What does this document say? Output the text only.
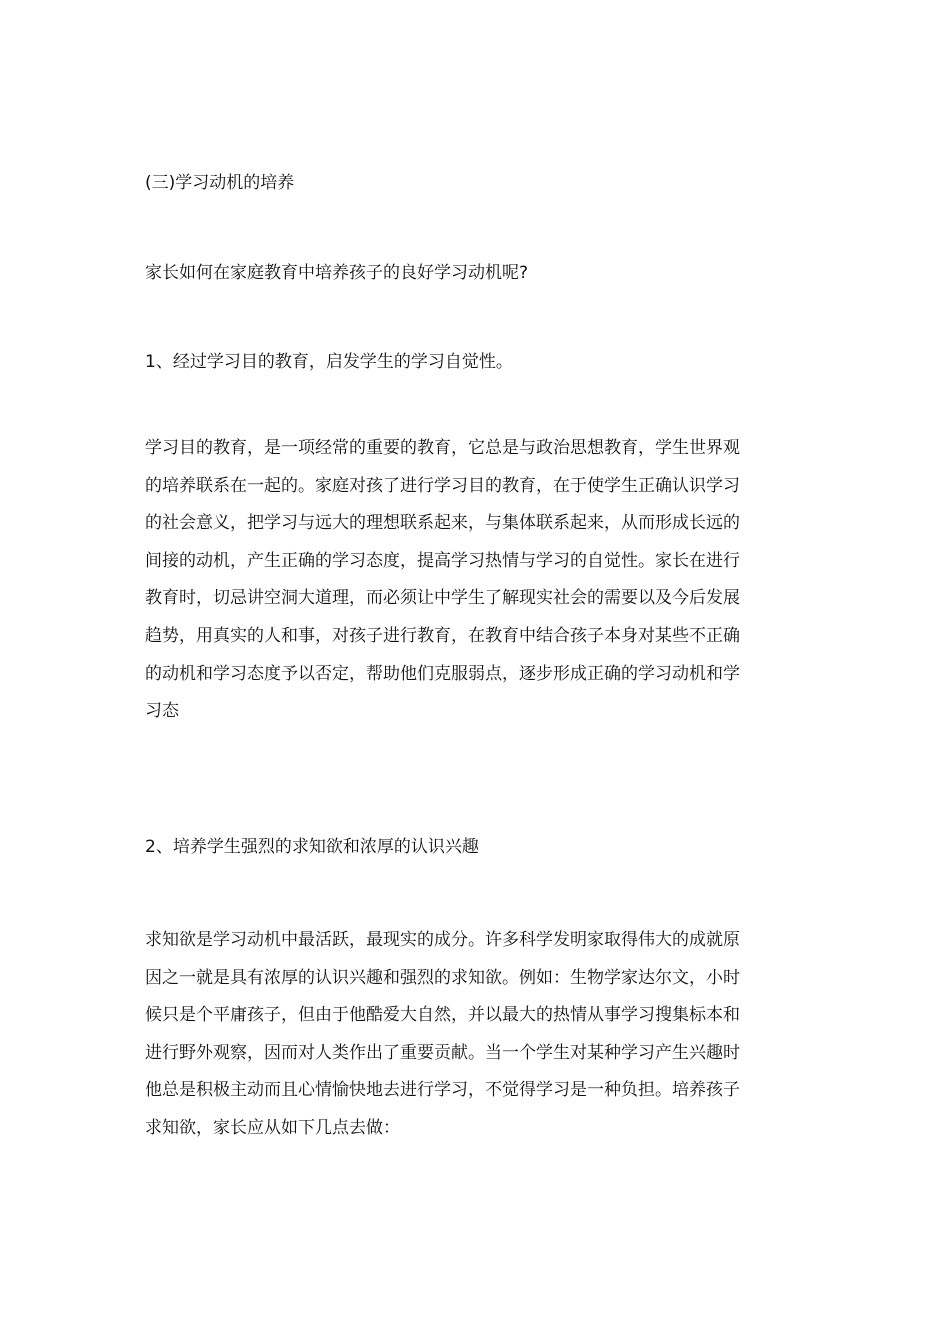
(三)学习动机的培养

家长如何在家庭教育中培养孩子的良好学习动机呢?

1、经过学习目的教育，启发学生的学习自觉性。

学习目的教育，是一项经常的重要的教育，它总是与政治思想教育，学生世界观
的培养联系在一起的。家庭对孩了进行学习目的教育，在于使学生正确认识学习
的社会意义，把学习与远大的理想联系起来，与集体联系起来，从而形成长远的
间接的动机，产生正确的学习态度，提高学习热情与学习的自觉性。家长在进行
教育时，切忌讲空洞大道理，而必须让中学生了解现实社会的需要以及今后发展
趋势，用真实的人和事，对孩子进行教育，在教育中结合孩子本身对某些不正确
的动机和学习态度予以否定，帮助他们克服弱点，逐步形成正确的学习动机和学
习态

2、培养学生强烈的求知欲和浓厚的认识兴趣

求知欲是学习动机中最活跃，最现实的成分。许多科学发明家取得伟大的成就原
因之一就是具有浓厚的认识兴趣和强烈的求知欲。例如：生物学家达尔文，小时
候只是个平庸孩子，但由于他酷爱大自然，并以最大的热情从事学习搜集标本和
进行野外观察，因而对人类作出了重要贡献。当一个学生对某种学习产生兴趣时
他总是积极主动而且心情愉快地去进行学习，不觉得学习是一种负担。培养孩子
求知欲，家长应从如下几点去做：
